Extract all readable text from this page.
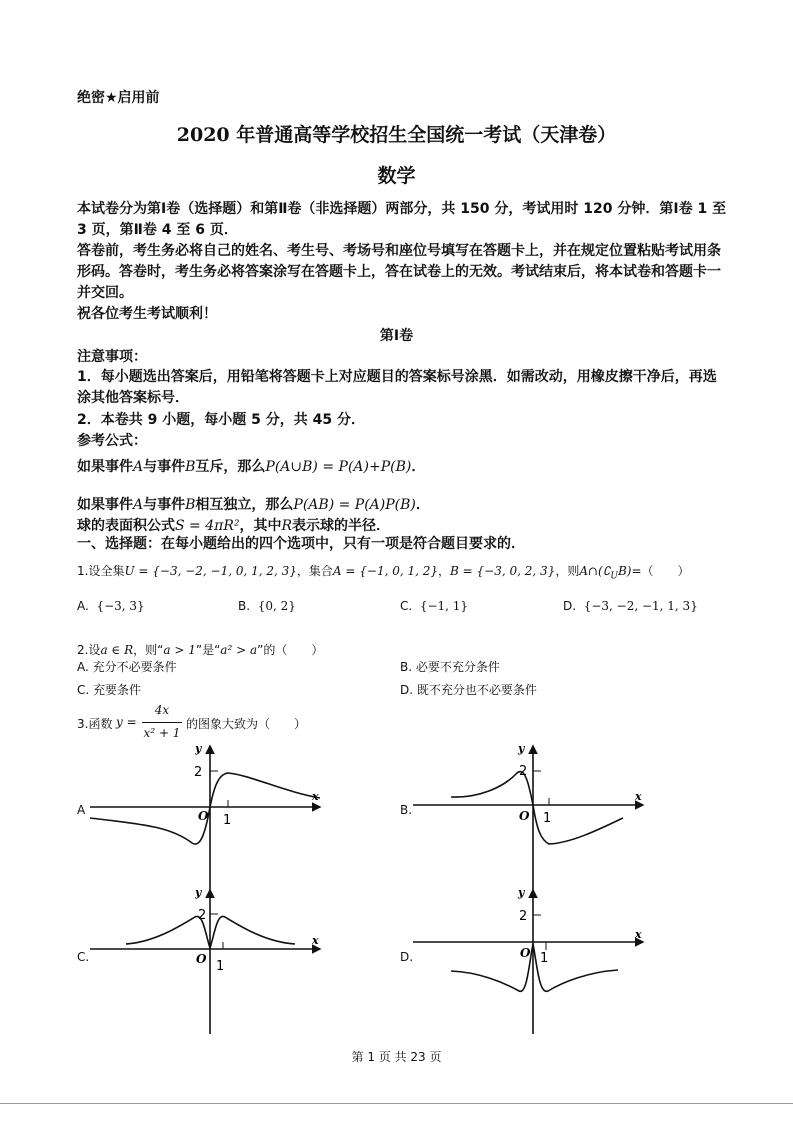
绝密★启用前
2020 年普通高等学校招生全国统一考试（天津卷）
数学
本试卷分为第Ⅰ卷（选择题）和第Ⅱ卷（非选择题）两部分，共 150 分，考试用时 120 分钟．第Ⅰ卷 1 至 3 页，第Ⅱ卷 4 至 6 页．
答卷前，考生务必将自己的姓名、考生号、考场号和座位号填写在答题卡上，并在规定位置粘贴考试用条形码。答卷时，考生务必将答案涂写在答题卡上，答在试卷上的无效。考试结束后，将本试卷和答题卡一并交回。
祝各位考生考试顺利！
第Ⅰ卷
注意事项：
1．每小题选出答案后，用铅笔将答题卡上对应题目的答案标号涂黑．如需改动，用橡皮擦干净后，再选涂其他答案标号．
2．本卷共 9 小题，每小题 5 分，共 45 分．
参考公式：
如果事件A与事件B互斥，那么P(A∪B) = P(A)+P(B)．
如果事件A与事件B相互独立，那么P(AB) = P(A)P(B)．
球的表面积公式S = 4πR²，其中R表示球的半径．
一、选择题：在每小题给出的四个选项中，只有一项是符合题目要求的．
1.设全集U = {−3, −2, −1, 0, 1, 2, 3}，集合A = {−1, 0, 1, 2}，B = {−3, 0, 2, 3}，则$A\cap(∁_UB)=$（　　）
A. {−3, 3}	B. {0, 2}	C. {−1, 1}	D. {−3, −2, −1, 1, 3}
2.设a ∈ R，则“a > 1”是“a² > a”的（　　）
A. 充分不必要条件	B. 必要不充分条件
C. 充要条件	D. 既不充分也不必要条件
3.函数 y =
4x
x² + 1
的图象大致为（　　）
A	B.
C.	D.
y
x
O 1
2
y
x
O 1
2
y
x
O 1
2
y
x
O 1
2
第 1 页 共 23 页
